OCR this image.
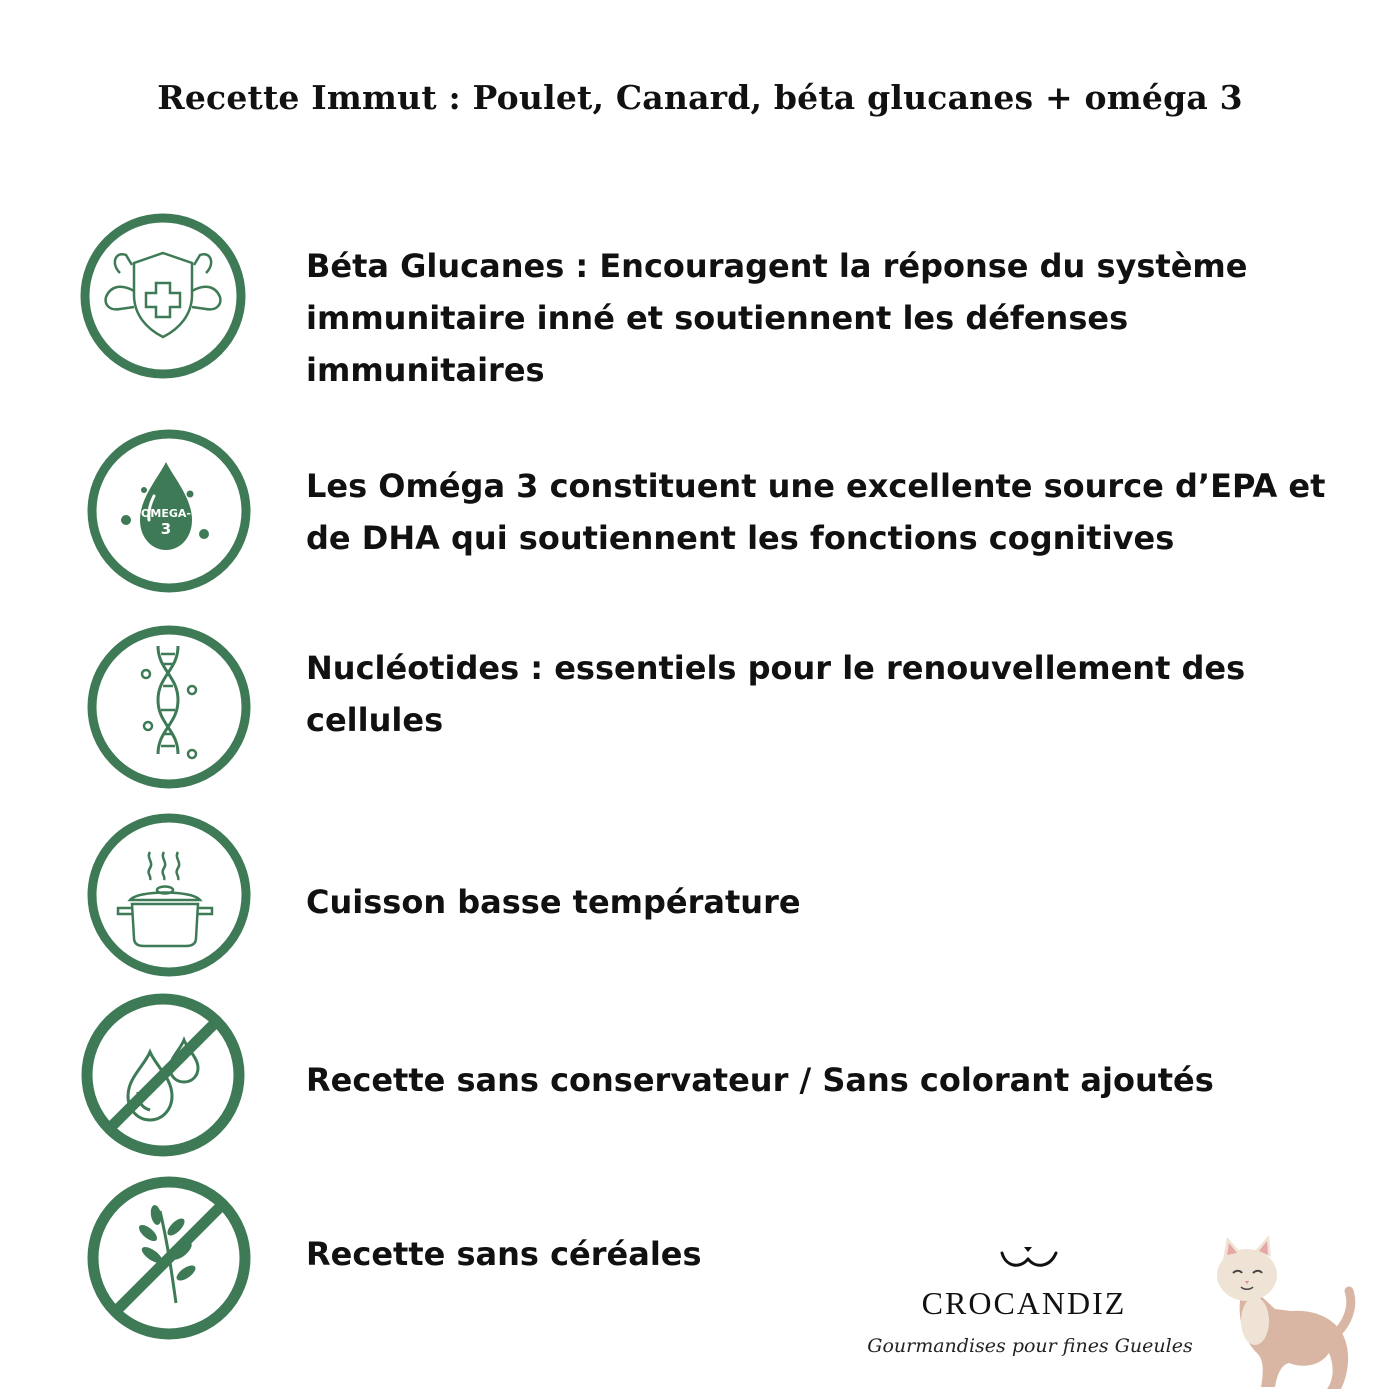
Recette Immut : Poulet, Canard, béta glucanes + oméga 3
Béta Glucanes : Encouragent la réponse du système immunitaire inné et soutiennent les défenses immunitaires
OMEGA-
3
Les Oméga 3 constituent une excellente source d’EPA et de DHA qui soutiennent les fonctions cognitives
Nucléotides : essentiels pour le renouvellement des cellules
Cuisson basse température
Recette sans conservateur / Sans colorant ajoutés
Recette sans céréales
CROCANDIZ
Gourmandises pour fines Gueules
